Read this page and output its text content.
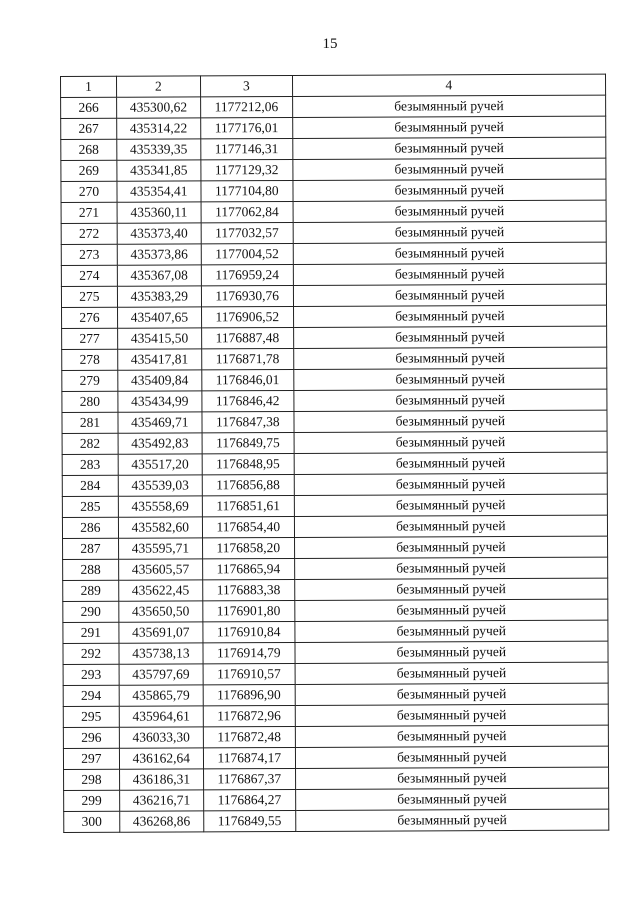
15
1	2	3	4
266	435300,62	1177212,06	безымянный ручей
267	435314,22	1177176,01	безымянный ручей
268	435339,35	1177146,31	безымянный ручей
269	435341,85	1177129,32	безымянный ручей
270	435354,41	1177104,80	безымянный ручей
271	435360,11	1177062,84	безымянный ручей
272	435373,40	1177032,57	безымянный ручей
273	435373,86	1177004,52	безымянный ручей
274	435367,08	1176959,24	безымянный ручей
275	435383,29	1176930,76	безымянный ручей
276	435407,65	1176906,52	безымянный ручей
277	435415,50	1176887,48	безымянный ручей
278	435417,81	1176871,78	безымянный ручей
279	435409,84	1176846,01	безымянный ручей
280	435434,99	1176846,42	безымянный ручей
281	435469,71	1176847,38	безымянный ручей
282	435492,83	1176849,75	безымянный ручей
283	435517,20	1176848,95	безымянный ручей
284	435539,03	1176856,88	безымянный ручей
285	435558,69	1176851,61	безымянный ручей
286	435582,60	1176854,40	безымянный ручей
287	435595,71	1176858,20	безымянный ручей
288	435605,57	1176865,94	безымянный ручей
289	435622,45	1176883,38	безымянный ручей
290	435650,50	1176901,80	безымянный ручей
291	435691,07	1176910,84	безымянный ручей
292	435738,13	1176914,79	безымянный ручей
293	435797,69	1176910,57	безымянный ручей
294	435865,79	1176896,90	безымянный ручей
295	435964,61	1176872,96	безымянный ручей
296	436033,30	1176872,48	безымянный ручей
297	436162,64	1176874,17	безымянный ручей
298	436186,31	1176867,37	безымянный ручей
299	436216,71	1176864,27	безымянный ручей
300	436268,86	1176849,55	безымянный ручей
